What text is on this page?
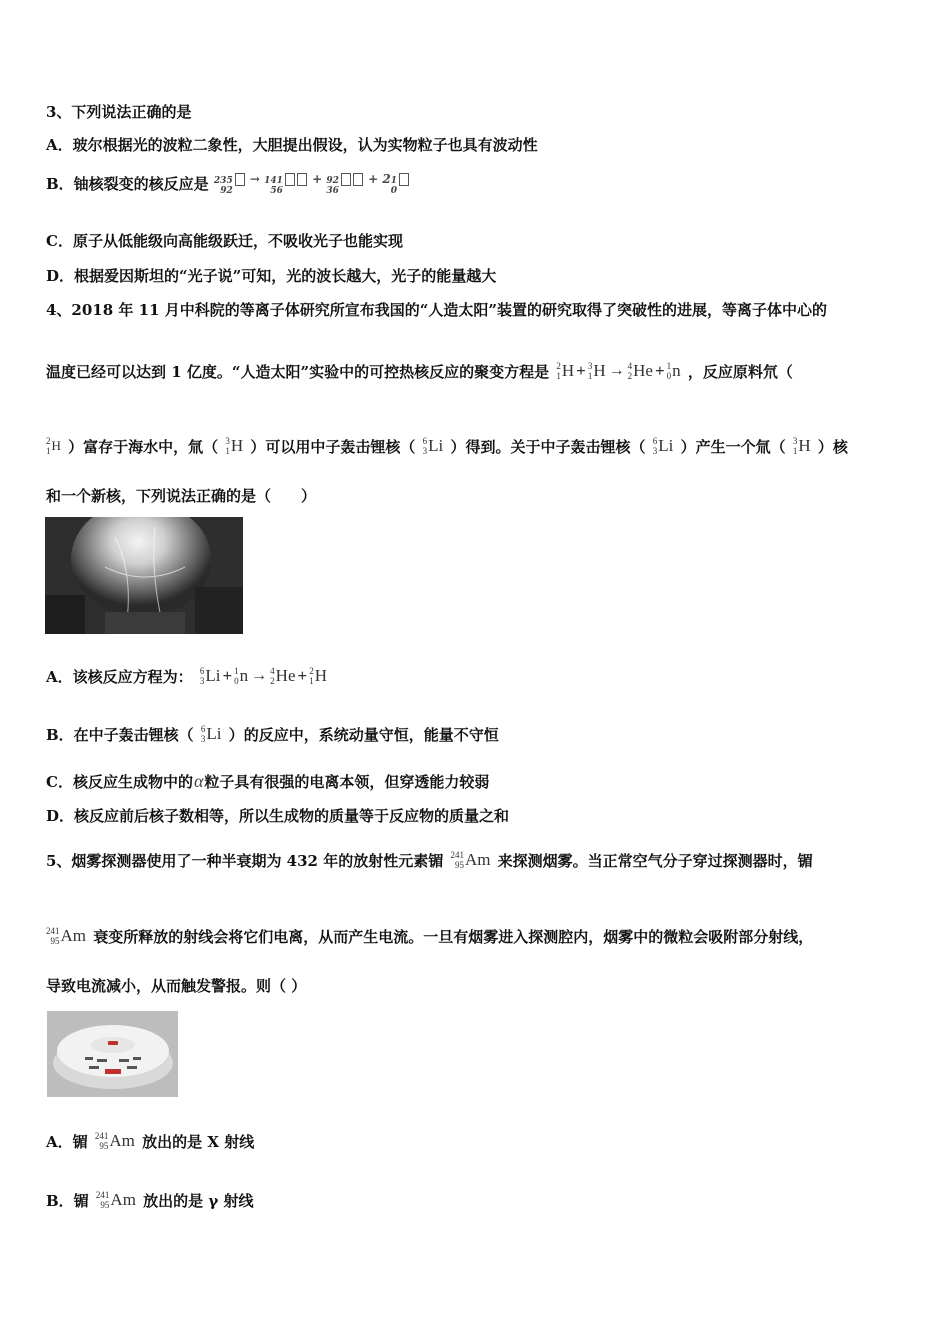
3、下列说法正确的是
A．玻尔根据光的波粒二象性，大胆提出假设，认为实物粒子也具有波动性
B．铀核裂变的核反应是 $^{235 92 \to 141 56 + 92 36 + 2 1 0}$
C．原子从低能级向高能级跃迁，不吸收光子也能实现
D．根据爱因斯坦的“光子说”可知，光的波长越大，光子的能量越大
4、2018 年 11 月中科院的等离子体研究所宣布我国的“人造太阳”装置的研究取得了突破性的进展，等离子体中心的
温度已经可以达到 1 亿度。“人造太阳”实验中的可控热核反应的聚变方程是 2
1 H + 3
1 H → 4
2 He + 1
0 n ，反应原料氘（
2
1 H ）富存于海水中，氚（ 3
1 H ）可以用中子轰击锂核（ 6
3 Li ）得到。关于中子轰击锂核（ 6
3 Li ）产生一个氚（ 3
1 H ）核
和一个新核，下列说法正确的是（　　）
A．该核反应方程为： 6
3 Li + 1
0 n → 4
2 He + 2
1 H
B．在中子轰击锂核（ 6
3 Li ）的反应中，系统动量守恒，能量不守恒
C．核反应生成物中的α粒子具有很强的电离本领，但穿透能力较弱
D．核反应前后核子数相等，所以生成物的质量等于反应物的质量之和
5、烟雾探测器使用了一种半衰期为 432 年的放射性元素镅 241
95 Am 来探测烟雾。当正常空气分子穿过探测器时，镅
241
95 Am 衰变所释放的射线会将它们电离，从而产生电流。一旦有烟雾进入探测腔内，烟雾中的微粒会吸附部分射线，
导致电流减小，从而触发警报。则（ ）
A．镅 241
95 Am 放出的是 X 射线
B．镅 241
95 Am 放出的是 γ 射线
